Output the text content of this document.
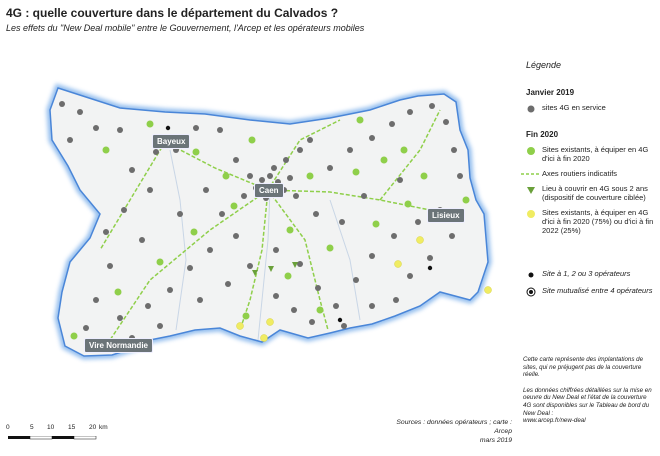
4G : quelle couverture dans le département du Calvados ?
Les effets du "New Deal mobile" entre le Gouvernement, l'Arcep et les opérateurs mobiles
Bayeux
Caen
Lisieux
Vire Normandie
Légende
Janvier 2019
sites 4G en service
Fin 2020
Sites existants, à équiper en 4G d'ici à fin 2020
Axes routiers indicatifs
Lieu à couvrir en 4G sous 2 ans (dispositif de couverture ciblée)
Sites existants, à équiper en 4G d'ici à fin 2020 (75%) ou d'ici à fin 2022 (25%)
Site à 1, 2 ou 3 opérateurs
Site mutualisé entre 4 opérateurs
Cette carte représente des implantations de sites, qui ne préjugent pas de la couverture réelle.
Les données chiffrées détaillées sur la mise en oeuvre du New Deal et l'état de la couverture 4G sont disponibles sur le Tableau de bord du New Deal :
www.arcep.fr/new-deal
Sources : données opérateurs ; carte : Arcep
mars 2019
0	5 10 15 20 km
